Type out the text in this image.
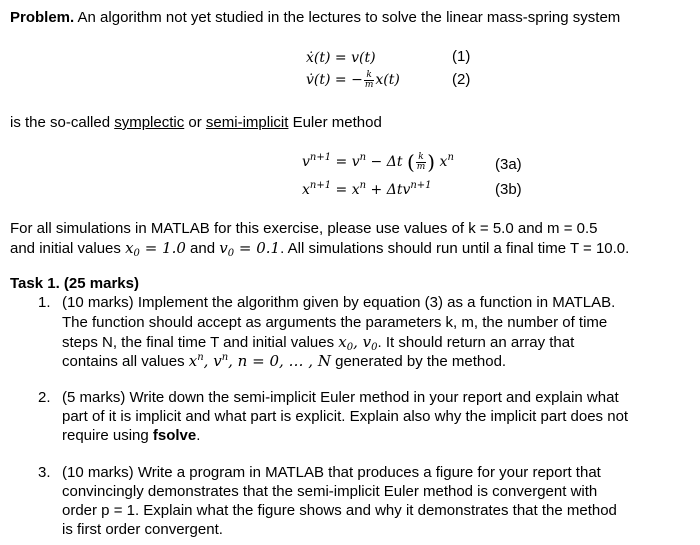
Problem. An algorithm not yet studied in the lectures to solve the linear mass-spring system
ẋ(t) = v(t)	(1)
v̇(t) = − $\frac{k}{m} x(t)$	(2)
is the so-called symplectic or semi-implicit Euler method
$v^{n+1} = v^n - \Delta t$ ( $\frac{k}{m}$ ) $x^n$	(3a)
$x^{n+1} = x^n + \Delta tv^{n+1}$	(3b)
For all simulations in MATLAB for this exercise, please use values of k = 5.0 and m = 0.5
and initial values $x_0 = 1.0$ and $v_0 = 0.1$. All simulations should run until a final time T = 10.0.
Task 1. (25 marks)
1. (10 marks) Implement the algorithm given by equation (3) as a function in MATLAB.
The function should accept as arguments the parameters k, m, the number of time
steps N, the final time T and initial values $x_0$, $v_0$. It should return an array that
contains all values $x^n$, $v^n$, n = 0, … , N generated by the method.
2. (5 marks) Write down the semi-implicit Euler method in your report and explain what
part of it is implicit and what part is explicit. Explain also why the implicit part does not
require using fsolve.
3. (10 marks) Write a program in MATLAB that produces a figure for your report that
convincingly demonstrates that the semi-implicit Euler method is convergent with
order p = 1. Explain what the figure shows and why it demonstrates that the method
is first order convergent.
